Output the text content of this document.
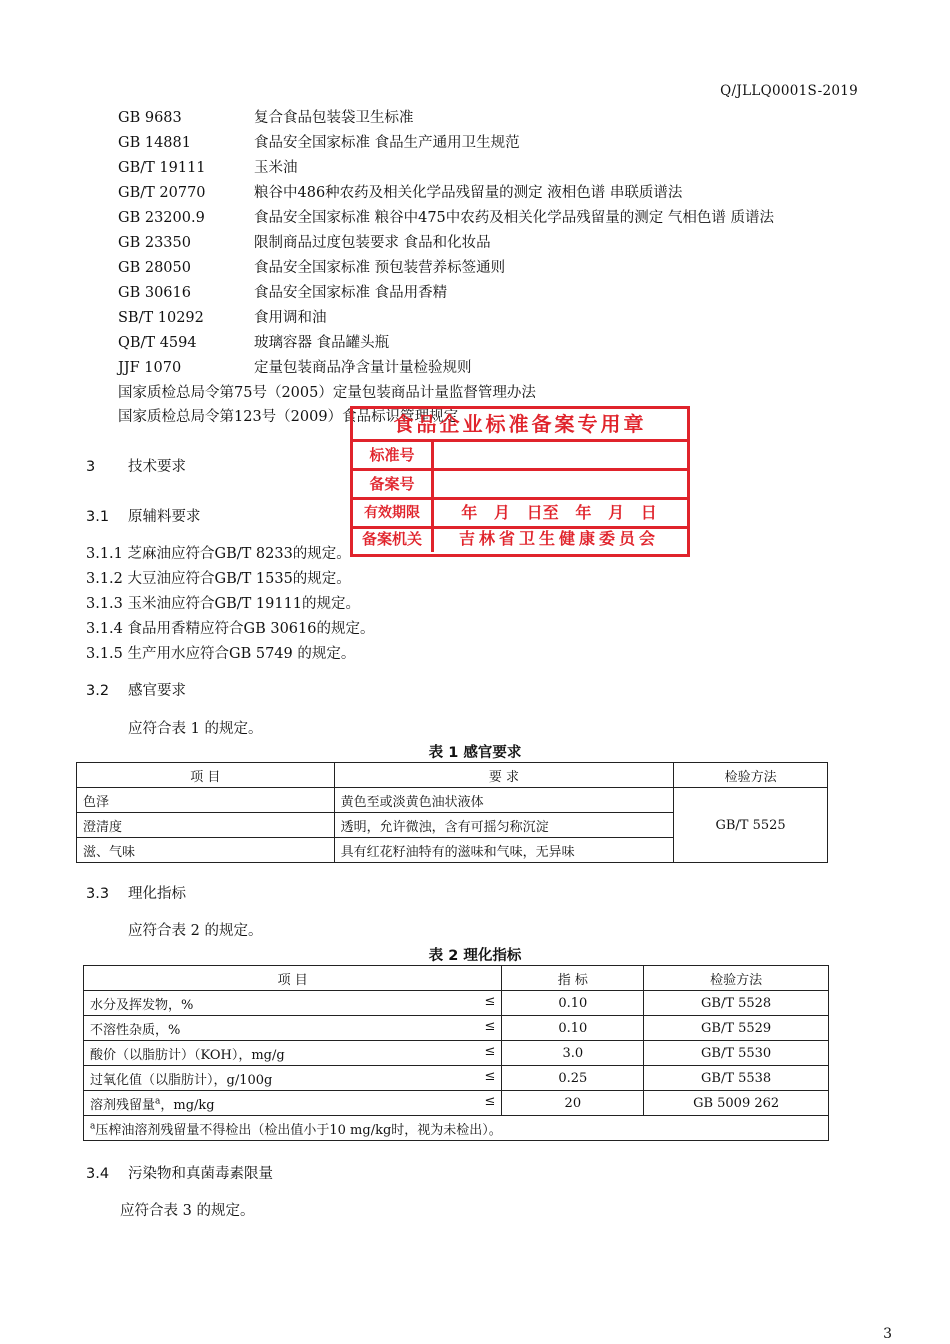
Q/JLLQ0001S-2019
GB 9683	复合食品包装袋卫生标准
GB 14881	食品安全国家标准 食品生产通用卫生规范
GB/T 19111	玉米油
GB/T 20770	粮谷中486种农药及相关化学品残留量的测定 液相色谱 串联质谱法
GB 23200.9	食品安全国家标准 粮谷中475中农药及相关化学品残留量的测定 气相色谱 质谱法
GB 23350	限制商品过度包装要求 食品和化妆品
GB 28050	食品安全国家标准 预包装营养标签通则
GB 30616	食品安全国家标准 食品用香精
SB/T 10292	食用调和油
QB/T 4594	玻璃容器 食品罐头瓶
JJF 1070	定量包装商品净含量计量检验规则
国家质检总局令第75号（2005）定量包装商品计量监督管理办法
国家质检总局令第123号（2009）食品标识管理规定
3 技术要求
3.1 原辅料要求
3.1.1 芝麻油应符合GB/T 8233的规定。
3.1.2 大豆油应符合GB/T 1535的规定。
3.1.3 玉米油应符合GB/T 19111的规定。
3.1.4 食品用香精应符合GB 30616的规定。
3.1.5 生产用水应符合GB 5749 的规定。
3.2 感官要求
应符合表 1 的规定。
表 1 感官要求
项 目	要 求	检验方法
色泽	黄色至或淡黄色油状液体	GB/T 5525
澄清度	透明，允许微浊，含有可摇匀称沉淀	
滋、气味	具有红花籽油特有的滋味和气味，无异味	
3.3 理化指标
应符合表 2 的规定。
表 2 理化指标
项 目	指 标	检验方法
水分及挥发物，% ≤	0.10	GB/T 5528
不溶性杂质，% ≤	0.10	GB/T 5529
酸价（以脂肪计）（KOH），mg/g ≤	3.0	GB/T 5530
过氧化值（以脂肪计），g/100g ≤	0.25	GB/T 5538
溶剂残留量$^a$，mg/kg ≤	20	GB 5009 262
$^a$压榨油溶剂残留量不得检出（检出值小于10 mg/kg时，视为未检出）。		
3.4 污染物和真菌毒素限量
应符合表 3 的规定。
食品企业标准备案专用章
标准号
备案号
有效期限	年   月   日至   年   月   日
备案机关	吉林省卫生健康委员会
3
